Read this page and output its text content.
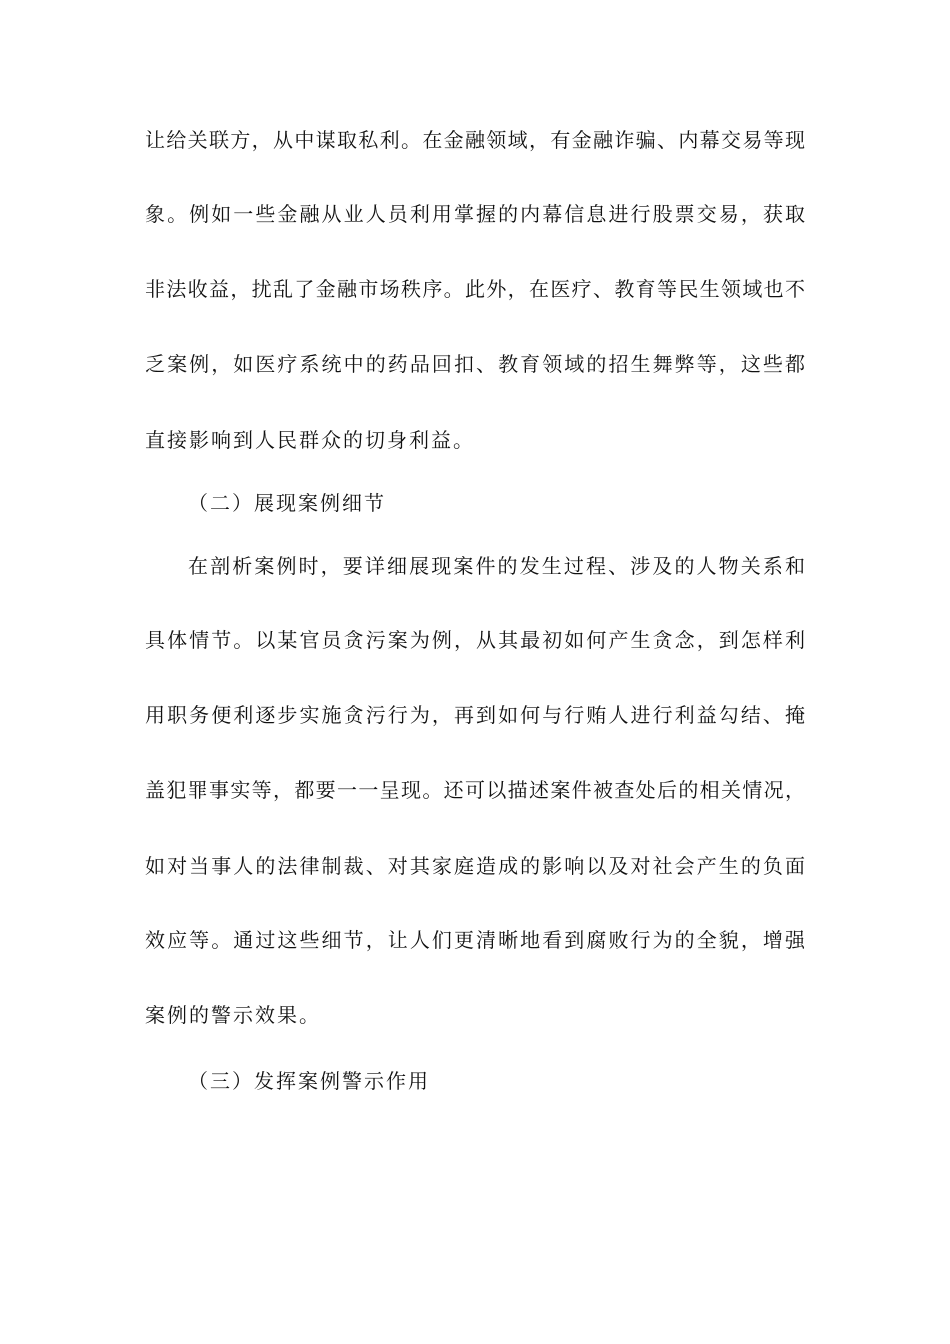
让给关联方，从中谋取私利。在金融领域，有金融诈骗、内幕交易等现
象。例如一些金融从业人员利用掌握的内幕信息进行股票交易，获取
非法收益，扰乱了金融市场秩序。此外，在医疗、教育等民生领域也不
乏案例，如医疗系统中的药品回扣、教育领域的招生舞弊等，这些都
直接影响到人民群众的切身利益。
（二）展现案例细节
在剖析案例时，要详细展现案件的发生过程、涉及的人物关系和
具体情节。以某官员贪污案为例，从其最初如何产生贪念，到怎样利
用职务便利逐步实施贪污行为，再到如何与行贿人进行利益勾结、掩
盖犯罪事实等，都要一一呈现。还可以描述案件被查处后的相关情况，
如对当事人的法律制裁、对其家庭造成的影响以及对社会产生的负面
效应等。通过这些细节，让人们更清晰地看到腐败行为的全貌，增强
案例的警示效果。
（三）发挥案例警示作用
